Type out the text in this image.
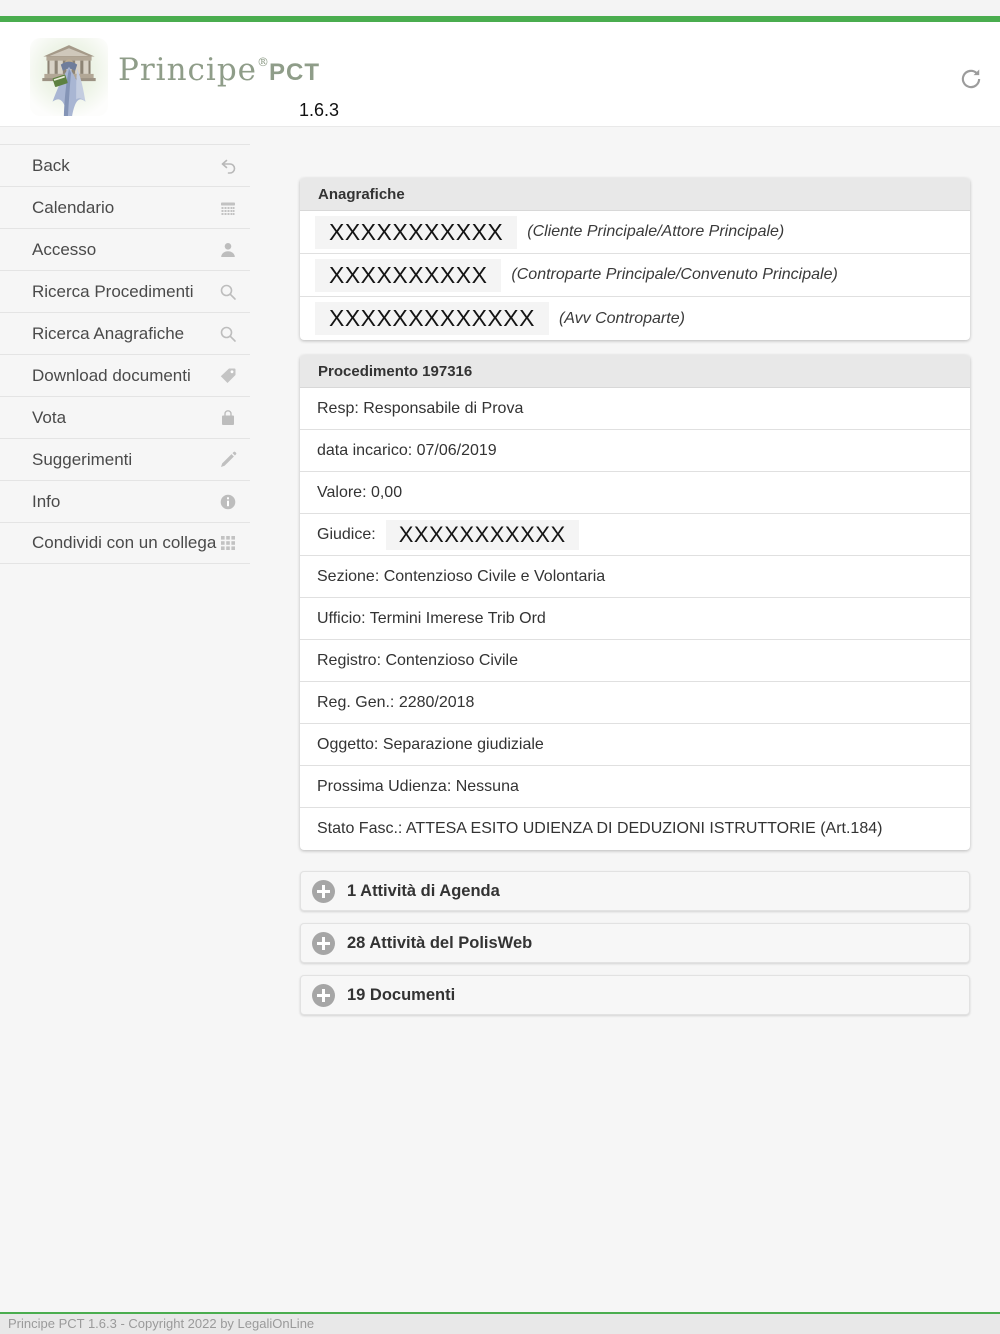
Principe®PCT
1.6.3
Back
Calendario
Accesso
Ricerca Procedimenti
Ricerca Anagrafiche
Download documenti
Vota
Suggerimenti
Info
Condividi con un collega
Anagrafiche
XXXXXXXXXXX	(Cliente Principale/Attore Principale)
XXXXXXXXXX	(Controparte Principale/Convenuto Principale)
XXXXXXXXXXXXX	(Avv Controparte)
Procedimento 197316
Resp: Responsabile di Prova
data incarico: 07/06/2019
Valore: 0,00
Giudice:	XXXXXXXXXXX
Sezione: Contenzioso Civile e Volontaria
Ufficio: Termini Imerese Trib Ord
Registro: Contenzioso Civile
Reg. Gen.: 2280/2018
Oggetto: Separazione giudiziale
Prossima Udienza: Nessuna
Stato Fasc.: ATTESA ESITO UDIENZA DI DEDUZIONI ISTRUTTORIE (Art.184)
1 Attività di Agenda
28 Attività del PolisWeb
19 Documenti
Principe PCT 1.6.3 - Copyright 2022 by LegaliOnLine
